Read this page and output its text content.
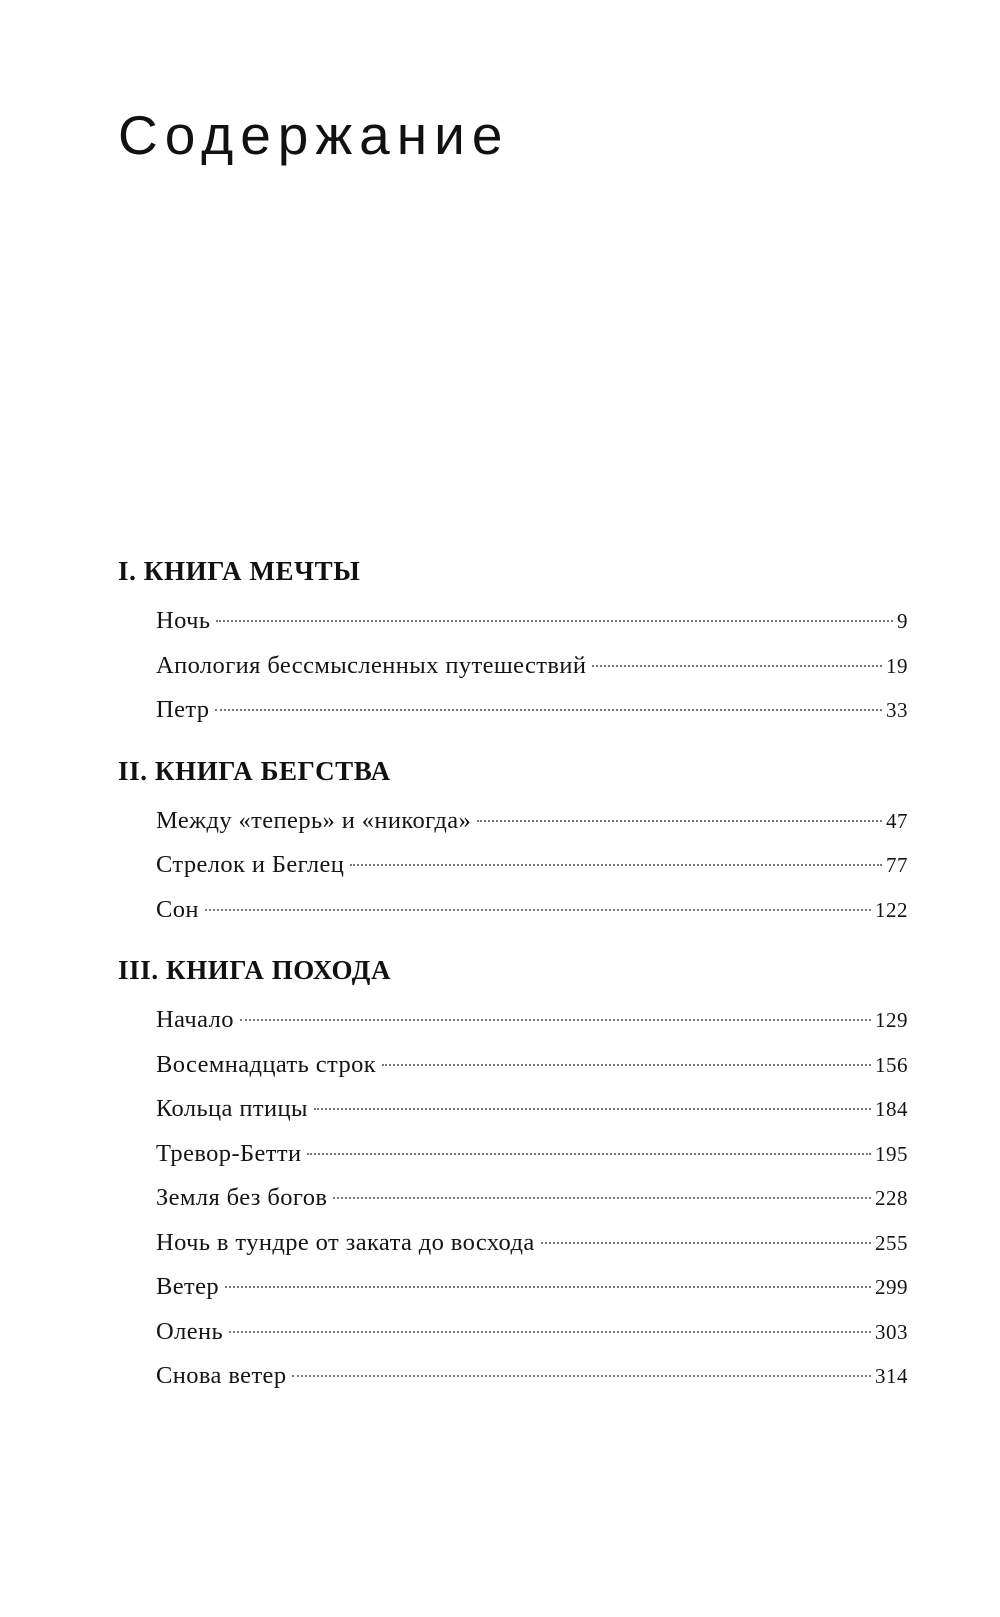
Содержание
I. КНИГА МЕЧТЫ
Ночь	9
Апология бессмысленных путешествий	19
Петр	33
II. КНИГА БЕГСТВА
Между «теперь» и «никогда»	47
Стрелок и Беглец	77
Сон	122
III. КНИГА ПОХОДА
Начало	129
Восемнадцать строк	156
Кольца птицы	184
Тревор-Бетти	195
Земля без богов	228
Ночь в тундре от заката до восхода	255
Ветер	299
Олень	303
Снова ветер	314
